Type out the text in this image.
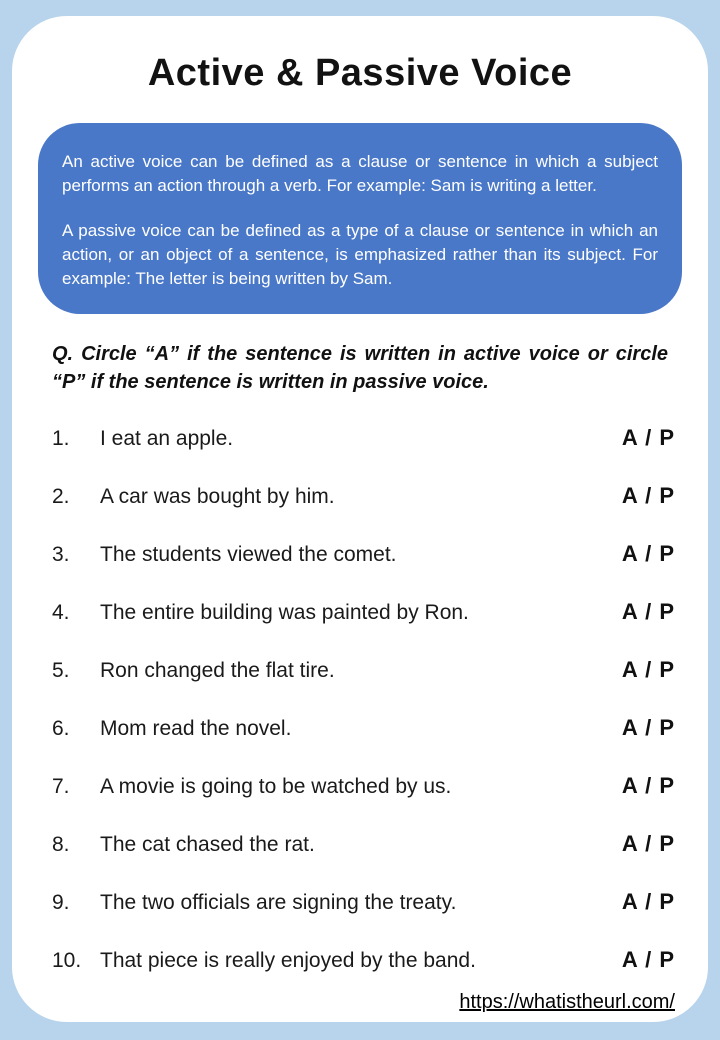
Active & Passive Voice

An active voice can be defined as a clause or sentence in which a subject performs an action through a verb. For example: Sam is writing a letter.

A passive voice can be defined as a type of a clause or sentence in which an action, or an object of a sentence, is emphasized rather than its subject. For example: The letter is being written by Sam.

Q. Circle “A” if the sentence is written in active voice or circle “P” if the sentence is written in passive voice.
1.	I eat an apple.	A / P
2.	A car was bought by him.	A / P
3.	The students viewed the comet.	A / P
4.	The entire building was painted by Ron.	A / P
5.	Ron changed the flat tire.	A / P
6.	Mom read the novel.	A / P
7.	A movie is going to be watched by us.	A / P
8.	The cat chased the rat.	A / P
9.	The two officials are signing the treaty.	A / P
10. That piece is really enjoyed by the band.	A / P
https://whatistheurl.com/
